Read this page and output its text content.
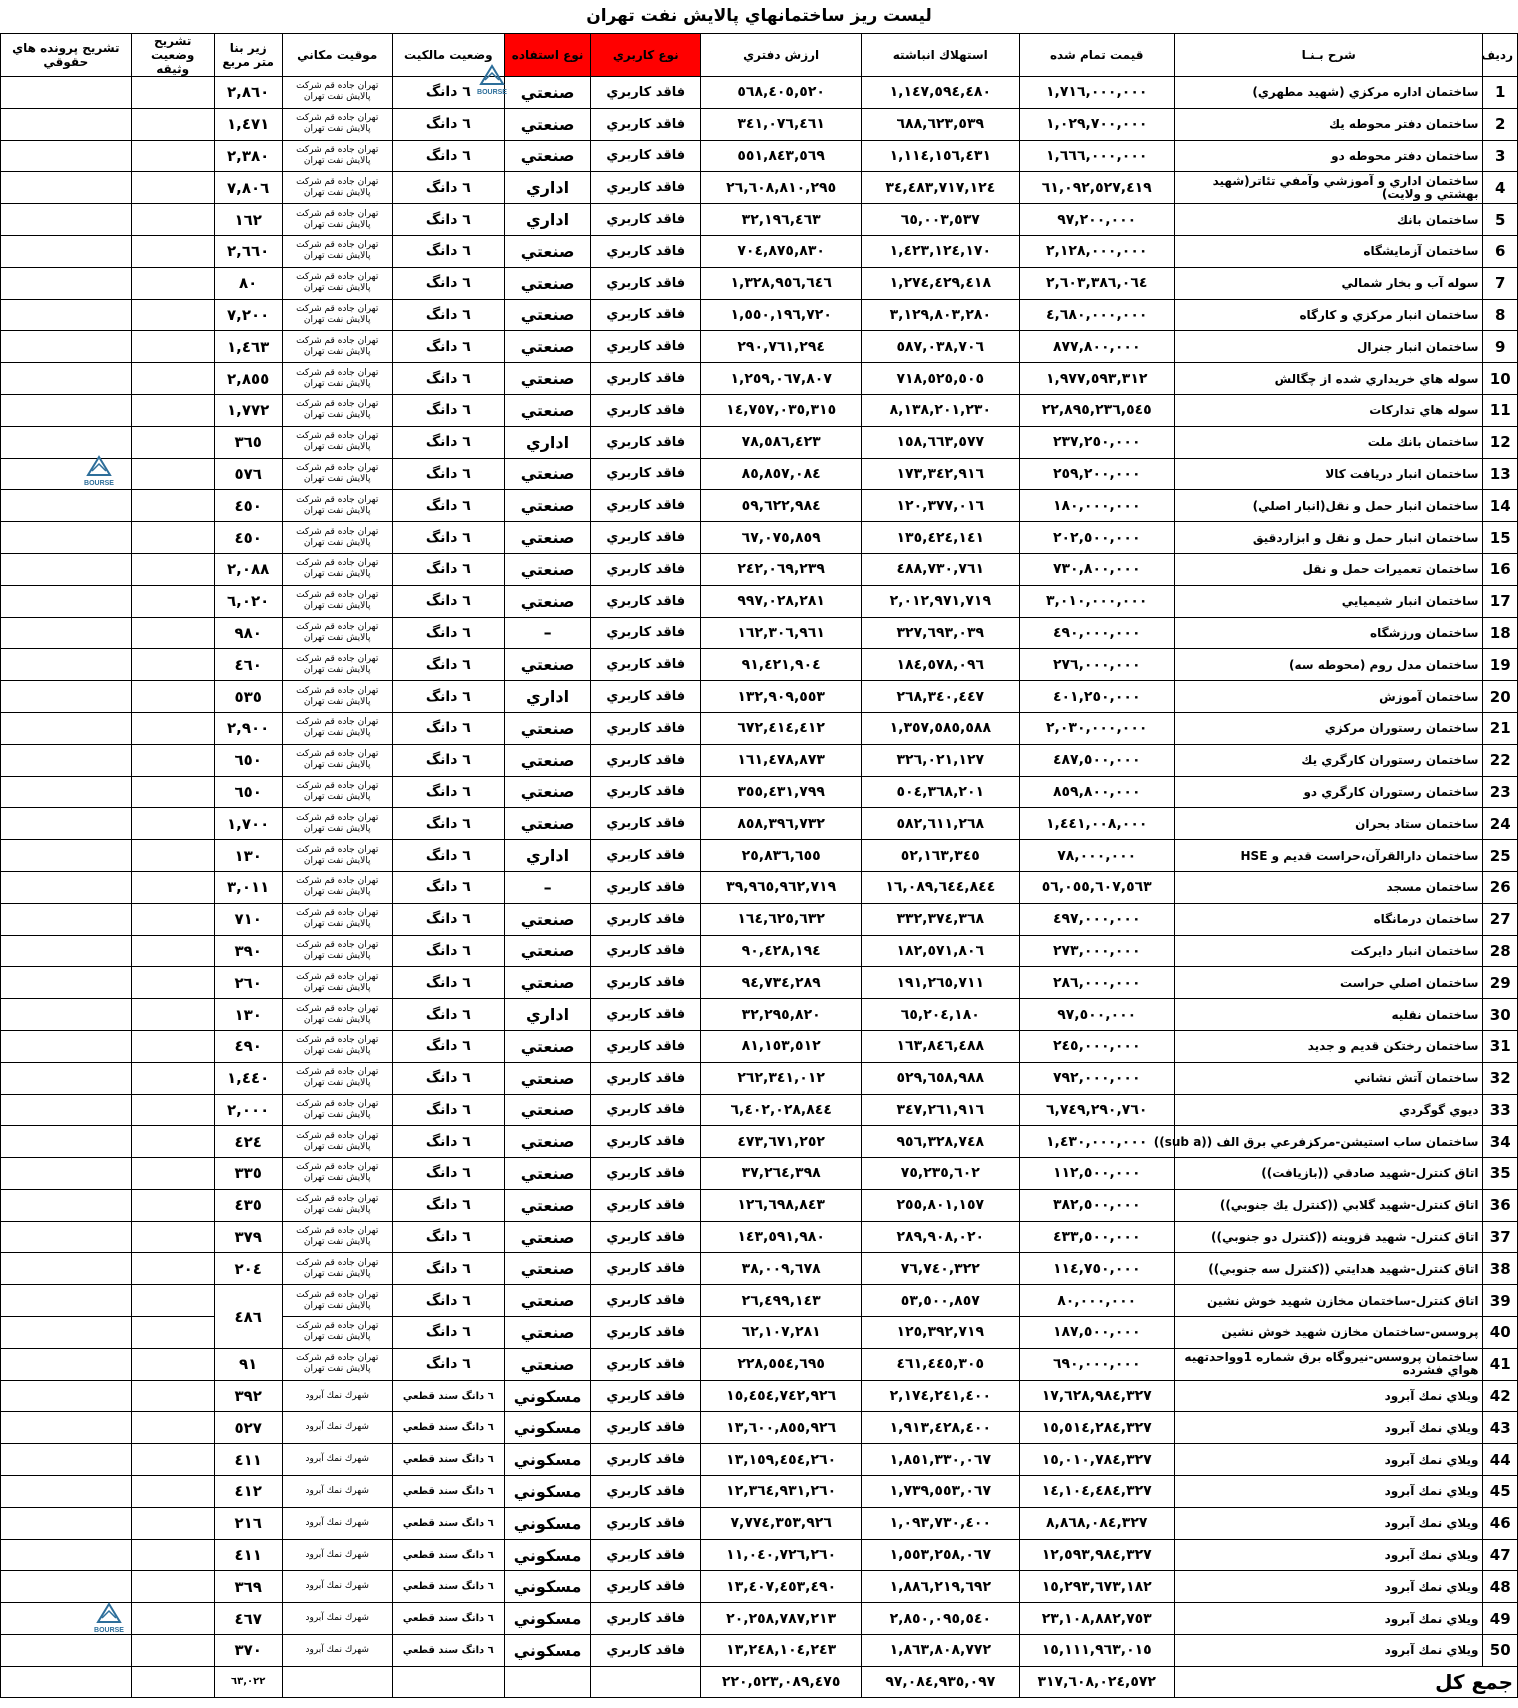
لیست ریز ساختمانهاي پالایش نفت تهران
ردیف	شرح بـنـا	قیمت تمام شده	استهلاك انباشته	ارزش دفتري	نوع كاربري	نوع استفاده	وضعیت مالكیت	موقیت مكاني	زیر بنا متر مربع	تشریح وضعیت وثیقه	تشریح پرونده هاي حقوقي
1	ساختمان اداره مركزي (شهید مطهري)	١,٧١٦,٠٠٠,٠٠٠	١,١٤٧,٥٩٤,٤٨٠	٥٦٨,٤٠٥,٥٢٠	فاقد كاربري	صنعتي	٦ دانگ	تهران جاده قم شركت پالايش نفت تهران	٢,٨٦٠		
2	ساختمان دفتر محوطه يك	١,٠٢٩,٧٠٠,٠٠٠	٦٨٨,٦٢٣,٥٣٩	٣٤١,٠٧٦,٤٦١	فاقد كاربري	صنعتي	٦ دانگ	تهران جاده قم شركت پالايش نفت تهران	١,٤٧١		
3	ساختمان دفتر محوطه دو	١,٦٦٦,٠٠٠,٠٠٠	١,١١٤,١٥٦,٤٣١	٥٥١,٨٤٣,٥٦٩	فاقد كاربري	صنعتي	٦ دانگ	تهران جاده قم شركت پالايش نفت تهران	٢,٣٨٠		
4	ساختمان اداري و آموزشي وآمفي تئاتر(شهيد بهشتي و ولايت)	٦١,٠٩٢,٥٢٧,٤١٩	٣٤,٤٨٣,٧١٧,١٢٤	٢٦,٦٠٨,٨١٠,٢٩٥	فاقد كاربري	اداري	٦ دانگ	تهران جاده قم شركت پالايش نفت تهران	٧,٨٠٦		
5	ساختمان بانك	٩٧,٢٠٠,٠٠٠	٦٥,٠٠٣,٥٣٧	٣٢,١٩٦,٤٦٣	فاقد كاربري	اداري	٦ دانگ	تهران جاده قم شركت پالايش نفت تهران	١٦٢		
6	ساختمان آزمايشگاه	٢,١٢٨,٠٠٠,٠٠٠	١,٤٢٣,١٢٤,١٧٠	٧٠٤,٨٧٥,٨٣٠	فاقد كاربري	صنعتي	٦ دانگ	تهران جاده قم شركت پالايش نفت تهران	٢,٦٦٠		
7	سوله آب و بخار شمالي	٢,٦٠٣,٣٨٦,٠٦٤	١,٢٧٤,٤٢٩,٤١٨	١,٣٢٨,٩٥٦,٦٤٦	فاقد كاربري	صنعتي	٦ دانگ	تهران جاده قم شركت پالايش نفت تهران	٨٠		
8	ساختمان انبار مركزي و كارگاه	٤,٦٨٠,٠٠٠,٠٠٠	٣,١٢٩,٨٠٣,٢٨٠	١,٥٥٠,١٩٦,٧٢٠	فاقد كاربري	صنعتي	٦ دانگ	تهران جاده قم شركت پالايش نفت تهران	٧,٢٠٠		
9	ساختمان انبار جنرال	٨٧٧,٨٠٠,٠٠٠	٥٨٧,٠٣٨,٧٠٦	٢٩٠,٧٦١,٢٩٤	فاقد كاربري	صنعتي	٦ دانگ	تهران جاده قم شركت پالايش نفت تهران	١,٤٦٣		
10	سوله هاي خريداري شده از چگالش	١,٩٧٧,٥٩٣,٣١٢	٧١٨,٥٢٥,٥٠٥	١,٢٥٩,٠٦٧,٨٠٧	فاقد كاربري	صنعتي	٦ دانگ	تهران جاده قم شركت پالايش نفت تهران	٢,٨٥٥		
11	سوله هاي تداركات	٢٢,٨٩٥,٢٣٦,٥٤٥	٨,١٣٨,٢٠١,٢٣٠	١٤,٧٥٧,٠٣٥,٣١٥	فاقد كاربري	صنعتي	٦ دانگ	تهران جاده قم شركت پالايش نفت تهران	١,٧٧٢		
12	ساختمان بانك ملت	٢٣٧,٢٥٠,٠٠٠	١٥٨,٦٦٣,٥٧٧	٧٨,٥٨٦,٤٢٣	فاقد كاربري	اداري	٦ دانگ	تهران جاده قم شركت پالايش نفت تهران	٣٦٥		
13	ساختمان انبار دريافت كالا	٢٥٩,٢٠٠,٠٠٠	١٧٣,٣٤٢,٩١٦	٨٥,٨٥٧,٠٨٤	فاقد كاربري	صنعتي	٦ دانگ	تهران جاده قم شركت پالايش نفت تهران	٥٧٦		
14	ساختمان انبار حمل و نقل(انبار اصلي)	١٨٠,٠٠٠,٠٠٠	١٢٠,٣٧٧,٠١٦	٥٩,٦٢٢,٩٨٤	فاقد كاربري	صنعتي	٦ دانگ	تهران جاده قم شركت پالايش نفت تهران	٤٥٠		
15	ساختمان انبار حمل و نقل و ابزاردقيق	٢٠٢,٥٠٠,٠٠٠	١٣٥,٤٢٤,١٤١	٦٧,٠٧٥,٨٥٩	فاقد كاربري	صنعتي	٦ دانگ	تهران جاده قم شركت پالايش نفت تهران	٤٥٠		
16	ساختمان تعميرات حمل و نقل	٧٣٠,٨٠٠,٠٠٠	٤٨٨,٧٣٠,٧٦١	٢٤٢,٠٦٩,٢٣٩	فاقد كاربري	صنعتي	٦ دانگ	تهران جاده قم شركت پالايش نفت تهران	٢,٠٨٨		
17	ساختمان انبار شيميايي	٣,٠١٠,٠٠٠,٠٠٠	٢,٠١٢,٩٧١,٧١٩	٩٩٧,٠٢٨,٢٨١	فاقد كاربري	صنعتي	٦ دانگ	تهران جاده قم شركت پالايش نفت تهران	٦,٠٢٠		
18	ساختمان ورزشگاه	٤٩٠,٠٠٠,٠٠٠	٣٢٧,٦٩٣,٠٣٩	١٦٢,٣٠٦,٩٦١	فاقد كاربري	–	٦ دانگ	تهران جاده قم شركت پالايش نفت تهران	٩٨٠		
19	ساختمان مدل روم (محوطه سه)	٢٧٦,٠٠٠,٠٠٠	١٨٤,٥٧٨,٠٩٦	٩١,٤٢١,٩٠٤	فاقد كاربري	صنعتي	٦ دانگ	تهران جاده قم شركت پالايش نفت تهران	٤٦٠		
20	ساختمان آموزش	٤٠١,٢٥٠,٠٠٠	٢٦٨,٣٤٠,٤٤٧	١٣٢,٩٠٩,٥٥٣	فاقد كاربري	اداري	٦ دانگ	تهران جاده قم شركت پالايش نفت تهران	٥٣٥		
21	ساختمان رستوران مركزي	٢,٠٣٠,٠٠٠,٠٠٠	١,٣٥٧,٥٨٥,٥٨٨	٦٧٢,٤١٤,٤١٢	فاقد كاربري	صنعتي	٦ دانگ	تهران جاده قم شركت پالايش نفت تهران	٢,٩٠٠		
22	ساختمان رستوران كارگري يك	٤٨٧,٥٠٠,٠٠٠	٣٢٦,٠٢١,١٢٧	١٦١,٤٧٨,٨٧٣	فاقد كاربري	صنعتي	٦ دانگ	تهران جاده قم شركت پالايش نفت تهران	٦٥٠		
23	ساختمان رستوران كارگري دو	٨٥٩,٨٠٠,٠٠٠	٥٠٤,٣٦٨,٢٠١	٣٥٥,٤٣١,٧٩٩	فاقد كاربري	صنعتي	٦ دانگ	تهران جاده قم شركت پالايش نفت تهران	٦٥٠		
24	ساختمان ستاد بحران	١,٤٤١,٠٠٨,٠٠٠	٥٨٢,٦١١,٢٦٨	٨٥٨,٣٩٦,٧٣٢	فاقد كاربري	صنعتي	٦ دانگ	تهران جاده قم شركت پالايش نفت تهران	١,٧٠٠		
25	ساختمان دارالقرآن،حراست قديم و HSE	٧٨,٠٠٠,٠٠٠	٥٢,١٦٣,٣٤٥	٢٥,٨٣٦,٦٥٥	فاقد كاربري	اداري	٦ دانگ	تهران جاده قم شركت پالايش نفت تهران	١٣٠		
26	ساختمان مسجد	٥٦,٠٥٥,٦٠٧,٥٦٣	١٦,٠٨٩,٦٤٤,٨٤٤	٣٩,٩٦٥,٩٦٢,٧١٩	فاقد كاربري	–	٦ دانگ	تهران جاده قم شركت پالايش نفت تهران	٣,٠١١		
27	ساختمان درمانگاه	٤٩٧,٠٠٠,٠٠٠	٣٣٢,٣٧٤,٣٦٨	١٦٤,٦٢٥,٦٣٢	فاقد كاربري	صنعتي	٦ دانگ	تهران جاده قم شركت پالايش نفت تهران	٧١٠		
28	ساختمان انبار دايركت	٢٧٣,٠٠٠,٠٠٠	١٨٢,٥٧١,٨٠٦	٩٠,٤٢٨,١٩٤	فاقد كاربري	صنعتي	٦ دانگ	تهران جاده قم شركت پالايش نفت تهران	٣٩٠		
29	ساختمان اصلي حراست	٢٨٦,٠٠٠,٠٠٠	١٩١,٢٦٥,٧١١	٩٤,٧٣٤,٢٨٩	فاقد كاربري	صنعتي	٦ دانگ	تهران جاده قم شركت پالايش نفت تهران	٢٦٠		
30	ساختمان نقليه	٩٧,٥٠٠,٠٠٠	٦٥,٢٠٤,١٨٠	٣٢,٢٩٥,٨٢٠	فاقد كاربري	اداري	٦ دانگ	تهران جاده قم شركت پالايش نفت تهران	١٣٠		
31	ساختمان رختكن قديم و جديد	٢٤٥,٠٠٠,٠٠٠	١٦٣,٨٤٦,٤٨٨	٨١,١٥٣,٥١٢	فاقد كاربري	صنعتي	٦ دانگ	تهران جاده قم شركت پالايش نفت تهران	٤٩٠		
32	ساختمان آتش نشاني	٧٩٢,٠٠٠,٠٠٠	٥٢٩,٦٥٨,٩٨٨	٢٦٢,٣٤١,٠١٢	فاقد كاربري	صنعتي	٦ دانگ	تهران جاده قم شركت پالايش نفت تهران	١,٤٤٠		
33	ديوي گوگردي	٦,٧٤٩,٢٩٠,٧٦٠	٣٤٧,٢٦١,٩١٦	٦,٤٠٢,٠٢٨,٨٤٤	فاقد كاربري	صنعتي	٦ دانگ	تهران جاده قم شركت پالايش نفت تهران	٢,٠٠٠		
34	ساختمان ساب استيشن-مركزفرعي برق الف ((sub a))	١,٤٣٠,٠٠٠,٠٠٠	٩٥٦,٣٢٨,٧٤٨	٤٧٣,٦٧١,٢٥٢	فاقد كاربري	صنعتي	٦ دانگ	تهران جاده قم شركت پالايش نفت تهران	٤٢٤		
35	اتاق كنترل-شهيد صادقي ((بازيافت))	١١٢,٥٠٠,٠٠٠	٧٥,٢٣٥,٦٠٢	٣٧,٢٦٤,٣٩٨	فاقد كاربري	صنعتي	٦ دانگ	تهران جاده قم شركت پالايش نفت تهران	٣٣٥		
36	اتاق كنترل-شهيد گلابي ((كنترل يك جنوبي))	٣٨٢,٥٠٠,٠٠٠	٢٥٥,٨٠١,١٥٧	١٢٦,٦٩٨,٨٤٣	فاقد كاربري	صنعتي	٦ دانگ	تهران جاده قم شركت پالايش نفت تهران	٤٣٥		
37	اتاق كنترل- شهيد قزوينه ((كنترل دو جنوبي))	٤٣٣,٥٠٠,٠٠٠	٢٨٩,٩٠٨,٠٢٠	١٤٣,٥٩١,٩٨٠	فاقد كاربري	صنعتي	٦ دانگ	تهران جاده قم شركت پالايش نفت تهران	٣٧٩		
38	اتاق كنترل-شهيد هدايتي ((كنترل سه جنوبي))	١١٤,٧٥٠,٠٠٠	٧٦,٧٤٠,٣٢٢	٣٨,٠٠٩,٦٧٨	فاقد كاربري	صنعتي	٦ دانگ	تهران جاده قم شركت پالايش نفت تهران	٢٠٤		
39	اتاق كنترل-ساختمان مخازن شهيد خوش نشين	٨٠,٠٠٠,٠٠٠	٥٣,٥٠٠,٨٥٧	٢٦,٤٩٩,١٤٣	فاقد كاربري	صنعتي	٦ دانگ	تهران جاده قم شركت پالايش نفت تهران	٤٨٦		
40	پروسس-ساختمان مخازن شهيد خوش نشين	١٨٧,٥٠٠,٠٠٠	١٢٥,٣٩٢,٧١٩	٦٢,١٠٧,٢٨١	فاقد كاربري	صنعتي	٦ دانگ	تهران جاده قم شركت پالايش نفت تهران			
41	ساختمان پروسس-نيروگاه برق شماره 1وواحدتهيه هواي فشرده	٦٩٠,٠٠٠,٠٠٠	٤٦١,٤٤٥,٣٠٥	٢٢٨,٥٥٤,٦٩٥	فاقد كاربري	صنعتي	٦ دانگ	تهران جاده قم شركت پالايش نفت تهران	٩١		
42	ويلاي نمك آبرود	١٧,٦٢٨,٩٨٤,٣٢٧	٢,١٧٤,٢٤١,٤٠٠	١٥,٤٥٤,٧٤٢,٩٢٦	فاقد كاربري	مسكوني	٦ دانگ سند قطعي	شهرك نمك آبرود	٣٩٢		
43	ويلاي نمك آبرود	١٥,٥١٤,٢٨٤,٣٢٧	١,٩١٣,٤٢٨,٤٠٠	١٣,٦٠٠,٨٥٥,٩٢٦	فاقد كاربري	مسكوني	٦ دانگ سند قطعي	شهرك نمك آبرود	٥٢٧		
44	ويلاي نمك آبرود	١٥,٠١٠,٧٨٤,٣٢٧	١,٨٥١,٣٣٠,٠٦٧	١٣,١٥٩,٤٥٤,٢٦٠	فاقد كاربري	مسكوني	٦ دانگ سند قطعي	شهرك نمك آبرود	٤١١		
45	ويلاي نمك آبرود	١٤,١٠٤,٤٨٤,٣٢٧	١,٧٣٩,٥٥٣,٠٦٧	١٢,٣٦٤,٩٣١,٢٦٠	فاقد كاربري	مسكوني	٦ دانگ سند قطعي	شهرك نمك آبرود	٤١٢		
46	ويلاي نمك آبرود	٨,٨٦٨,٠٨٤,٣٢٧	١,٠٩٣,٧٣٠,٤٠٠	٧,٧٧٤,٣٥٣,٩٢٦	فاقد كاربري	مسكوني	٦ دانگ سند قطعي	شهرك نمك آبرود	٢١٦		
47	ويلاي نمك آبرود	١٢,٥٩٣,٩٨٤,٣٢٧	١,٥٥٣,٢٥٨,٠٦٧	١١,٠٤٠,٧٢٦,٢٦٠	فاقد كاربري	مسكوني	٦ دانگ سند قطعي	شهرك نمك آبرود	٤١١		
48	ويلاي نمك آبرود	١٥,٢٩٣,٦٧٣,١٨٢	١,٨٨٦,٢١٩,٦٩٢	١٣,٤٠٧,٤٥٣,٤٩٠	فاقد كاربري	مسكوني	٦ دانگ سند قطعي	شهرك نمك آبرود	٣٦٩		
49	ويلاي نمك آبرود	٢٣,١٠٨,٨٨٢,٧٥٣	٢,٨٥٠,٠٩٥,٥٤٠	٢٠,٢٥٨,٧٨٧,٢١٣	فاقد كاربري	مسكوني	٦ دانگ سند قطعي	شهرك نمك آبرود	٤٦٧		
50	ويلاي نمك آبرود	١٥,١١١,٩٦٣,٠١٥	١,٨٦٣,٨٠٨,٧٧٢	١٣,٢٤٨,١٠٤,٢٤٣	فاقد كاربري	مسكوني	٦ دانگ سند قطعي	شهرك نمك آبرود	٣٧٠		
جمع كل		٣١٧,٦٠٨,٠٢٤,٥٧٢	٩٧,٠٨٤,٩٣٥,٠٩٧	٢٢٠,٥٢٣,٠٨٩,٤٧٥					٦٣,٠٢٢		
BOURSE
BOURSE
BOURSE
